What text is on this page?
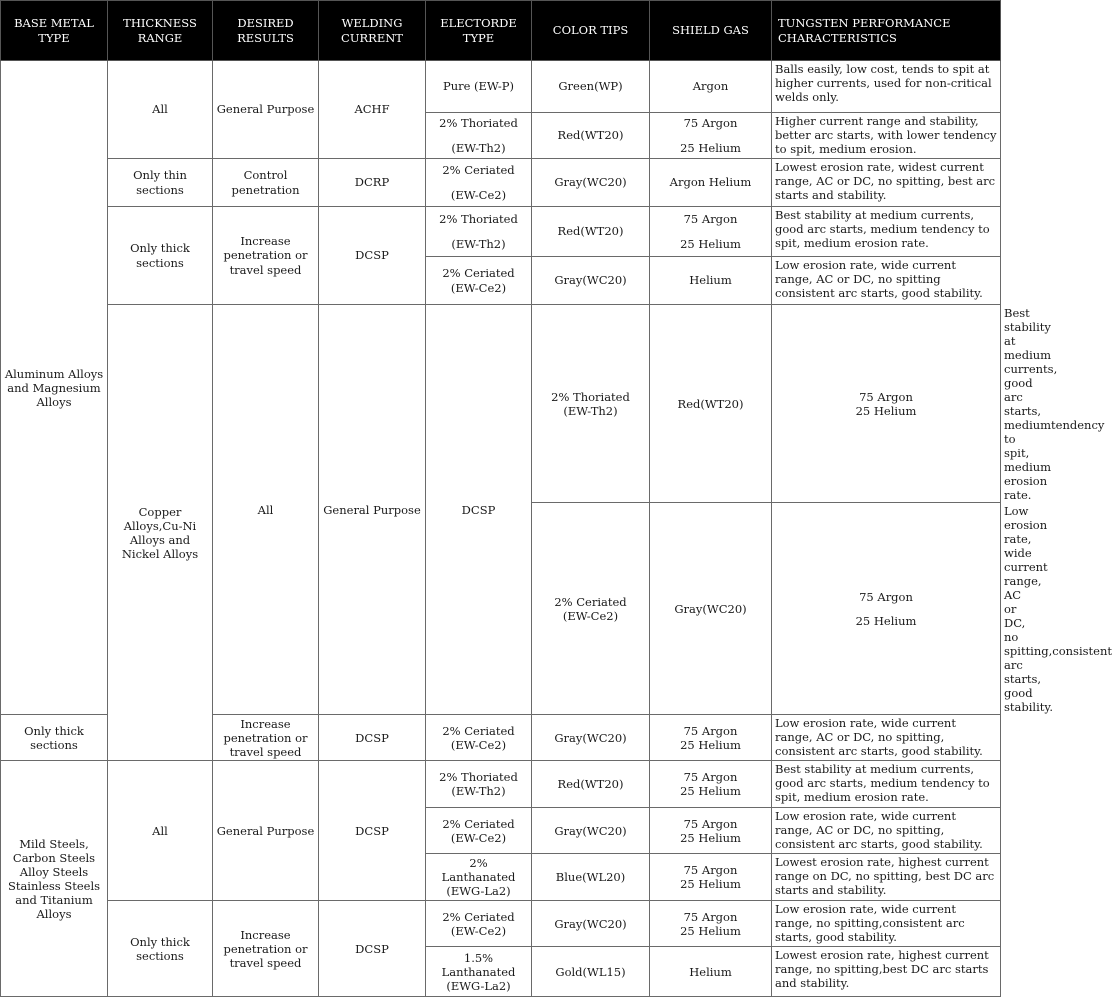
BASE METAL TYPE	THICKNESS RANGE	DESIRED RESULTS	WELDING CURRENT	ELECTORDE TYPE	COLOR TIPS	SHIELD GAS	TUNGSTEN PERFORMANCE CHARACTERISTICS	
Aluminum Alloys and Magnesium Alloys	All	General Purpose	ACHF	Pure (EW-P)	Green(WP)	Argon	Balls easily, low cost, tends to spit at higher currents, used for non-critical welds only.	

				2% Thoriated
(EW-Th2)	Red(WT20)	75 Argon
25 Helium	Higher current range and stability, better arc starts, with lower tendency to spit, medium erosion.	
	Only thin sections	Control penetration	DCRP	2% Ceriated
(EW-Ce2)	Gray(WC20)	Argon Helium	Lowest erosion rate, widest current range, AC or DC, no spitting, best arc starts and stability.	
	Only thick sections	Increase penetration or travel speed	DCSP	2% Thoriated
(EW-Th2)	Red(WT20)	75 Argon
25 Helium	Best stability at medium currents, good arc starts, medium tendency to spit, medium erosion rate.	

				2% Ceriated
(EW-Ce2)	Gray(WC20)	Helium	Low erosion rate, wide current range, AC or DC, no spitting consistent arc starts, good stability.	
	Copper Alloys,Cu-Ni Alloys and Nickel Alloys	All	General Purpose	DCSP	2% Thoriated
(EW-Th2)	Red(WT20)	75 Argon
25 Helium	Best stability at medium currents, good arc starts, mediumtendency to spit, medium erosion rate.

					2% Ceriated
(EW-Ce2)	Gray(WC20)	75 Argon
25 Helium	Low erosion rate, wide current range, AC or DC, no spitting,consistent arc starts, good stability.
Only thick sections		Increase penetration or travel speed	DCSP	2% Ceriated
(EW-Ce2)	Gray(WC20)	75 Argon
25 Helium	Low erosion rate, wide current range, AC or DC, no spitting, consistent arc starts, good stability.	
Mild Steels, Carbon Steels Alloy Steels Stainless Steels and Titanium Alloys	All	General Purpose	DCSP	2% Thoriated
(EW-Th2)	Red(WT20)	75 Argon
25 Helium	Best stability at medium currents, good arc starts, medium tendency to spit, medium erosion rate.	

				2% Ceriated
(EW-Ce2)	Gray(WC20)	75 Argon
25 Helium	Low erosion rate, wide current range, AC or DC, no spitting, consistent arc starts, good stability.	

				2%
Lanthanated
(EWG-La2)	Blue(WL20)	75 Argon
25 Helium	Lowest erosion rate, highest current range on DC, no spitting, best DC arc starts and stability.	
	Only thick sections	Increase penetration or travel speed	DCSP	2% Ceriated
(EW-Ce2)	Gray(WC20)	75 Argon
25 Helium	Low erosion rate, wide current range, no spitting,consistent arc starts, good stability.	

				1.5%
Lanthanated
(EWG-La2)	Gold(WL15)	Helium	Lowest erosion rate, highest current range, no spitting,best DC arc starts and stability.	
